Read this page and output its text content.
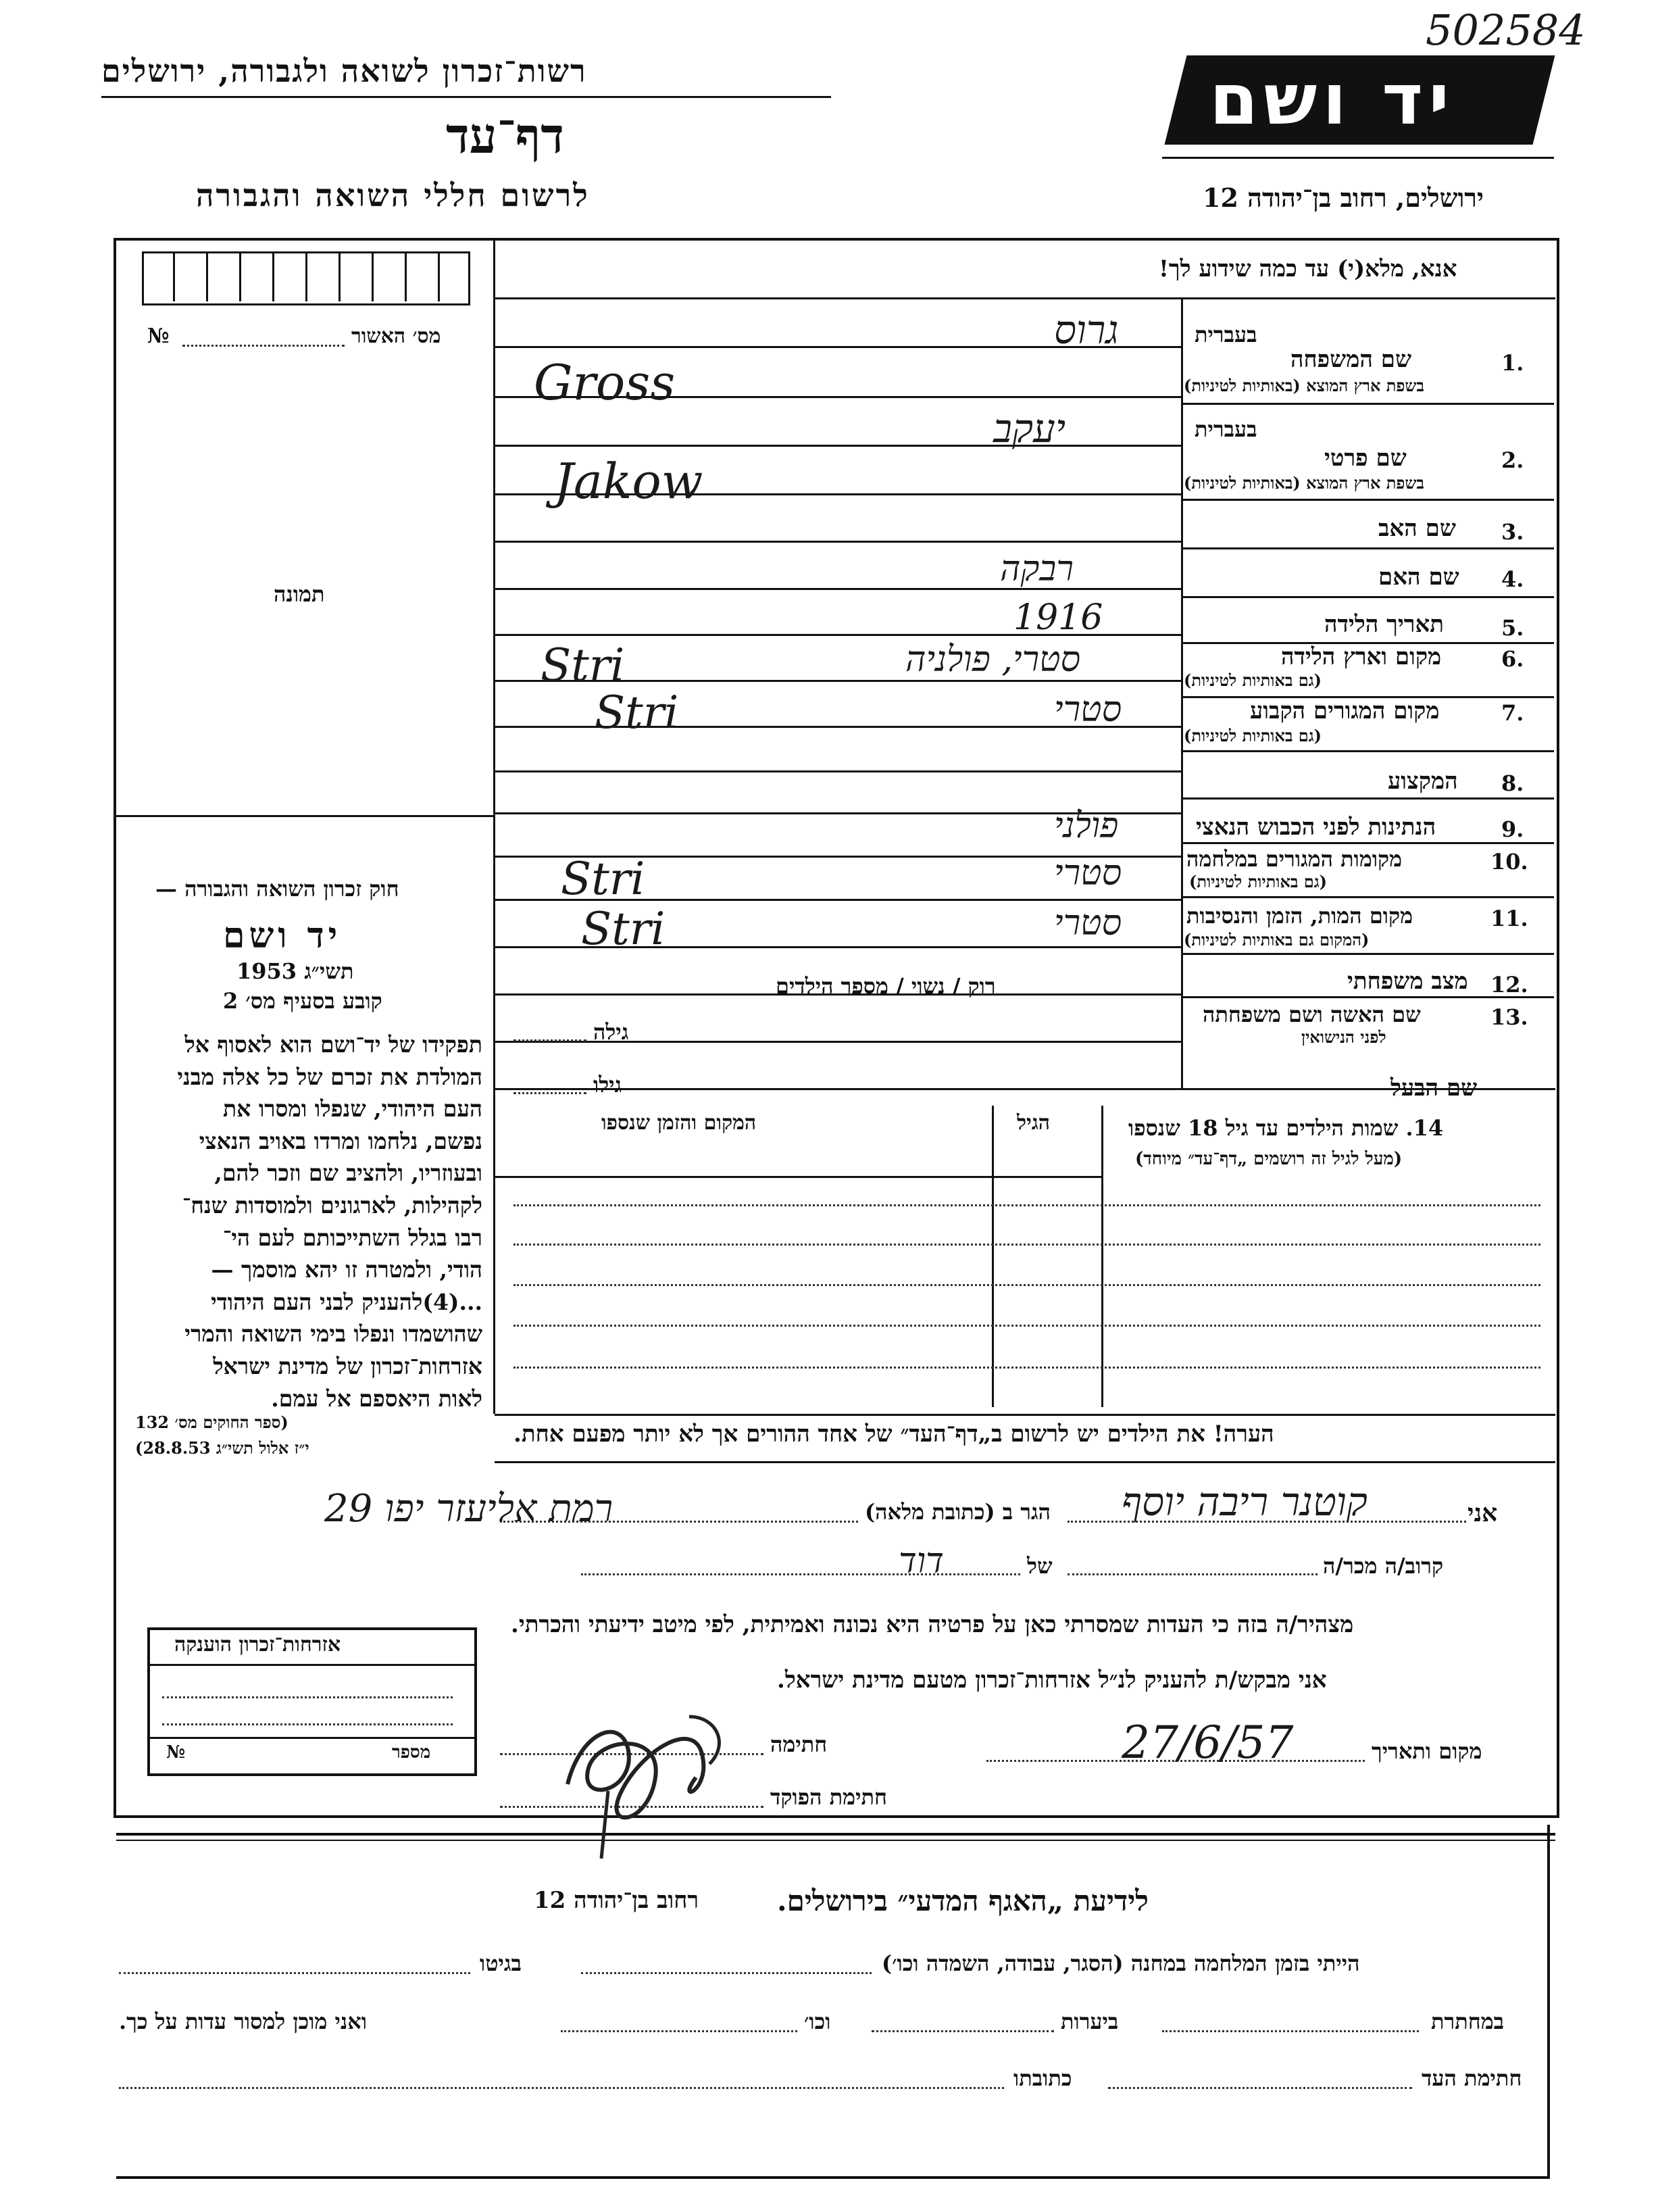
502584
רשות־זכרון לשואה ולגבורה, ירושלים
דף־עד
לרשום חללי השואה והגבורה
יד ושם
ירושלים, רחוב בן־יהודה 12
מס׳ האשור
№
תמונה
חוק זכרון השואה והגבורה —
יד ושם
תשי״ג 1953
קובע בסעיף מס׳ 2
תפקידו של יד־ושם הוא לאסוף אל
המולדת את זכרם של כל אלה מבני
העם היהודי, שנפלו ומסרו את
נפשם, נלחמו ומרדו באויב הנאצי
ובעוזריו, ולהציב שם וזכר להם,
לקהילות, לארגונים ולמוסדות שנח־
רבו בגלל השתייכותם לעם הי־
הודי, ולמטרה זו יהא מוסמך —
...(4)להעניק לבני העם היהודי
שהושמדו ונפלו בימי השואה והמרי
אזרחות־זכרון של מדינת ישראל
לאות היאספם אל עמם.
(ספר החוקים מס׳ 132
י״ז אלול תשי״ג 28.8.53)
אזרחות־זכרון הוענקה
מספר
№
אנא, מלא(י) עד כמה שידוע לך!
בעברית
בעברית
1.
שם המשפחה
בשפת ארץ המוצא (באותיות לטיניות)
2.
שם פרטי
בשפת ארץ המוצא (באותיות לטיניות)
3.
שם האב
4.
שם האם
5.
תאריך הלידה
6.
מקום וארץ הלידה
(גם באותיות לטיניות)
7.
מקום המגורים הקבוע
(גם באותיות לטיניות)
8.
המקצוע
9.
הנתינות לפני הכבוש הנאצי
10.
מקומות המגורים במלחמה
(גם באותיות לטיניות)
11.
מקום המות, הזמן והנסיבות
(המקום גם באותיות לטיניות)
12.
מצב משפחתי
13.
שם האשה ושם משפחתה
לפני הנישואין
שם הבעל
רוק / נשוי / מספר הילדים
גילה
גילו
14. שמות הילדים עד גיל 18 שנספו
(מעל לגיל זה רושמים „דף־עד״ מיוחד)
הגיל
המקום והזמן שנספו
הערה! את הילדים יש לרשום ב„דף־העד״ של אחד ההורים אך לא יותר מפעם אחת.
אני
הגר ב (כתובת מלאה)
קרוב/ה מכר/ה
של
מצהיר/ה בזה כי העדות שמסרתי כאן על פרטיה היא נכונה ואמיתית, לפי מיטב ידיעתי והכרתי.
אני מבקש/ת להעניק לנ״ל אזרחות־זכרון מטעם מדינת ישראל.
מקום ותאריך
חתימה
חתימת הפוקד
לידיעת „האגף המדעי״ בירושלים.
רחוב בן־יהודה 12
הייתי בזמן המלחמה במחנה (הסגר, עבודה, השמדה וכו׳)
בגיטו
במחתרת
ביערות
וכו׳
ואני מוכן למסור עדות על כך.
חתימת העד
כתובתו
גרוס
Gross
יעקב
Jakow
רבקה
1916
סטרי, פולניה
Stri
סטרי
Stri
פולני
סטרי
Stri
סטרי
Stri
קוטנר ריבה יוסף
רמת אליעזר יפו 29
דוד
27/6/57
